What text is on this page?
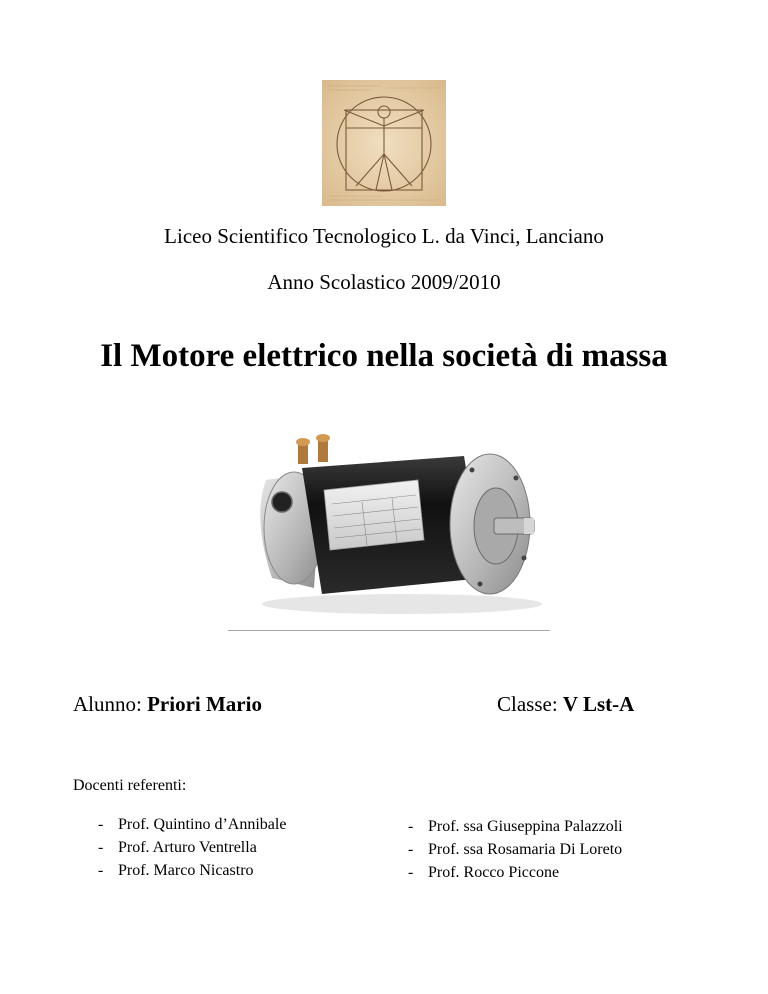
Liceo Scientifico Tecnologico L. da Vinci, Lanciano
Anno Scolastico 2009/2010
Il Motore elettrico nella società di massa
Alunno: Priori Mario	Classe: V Lst-A
Docenti referenti:
- Prof. Quintino d’Annibale
- Prof. Arturo Ventrella
- Prof. Marco Nicastro
- Prof. ssa Giuseppina Palazzoli
- Prof. ssa Rosamaria Di Loreto
- Prof. Rocco Piccone
